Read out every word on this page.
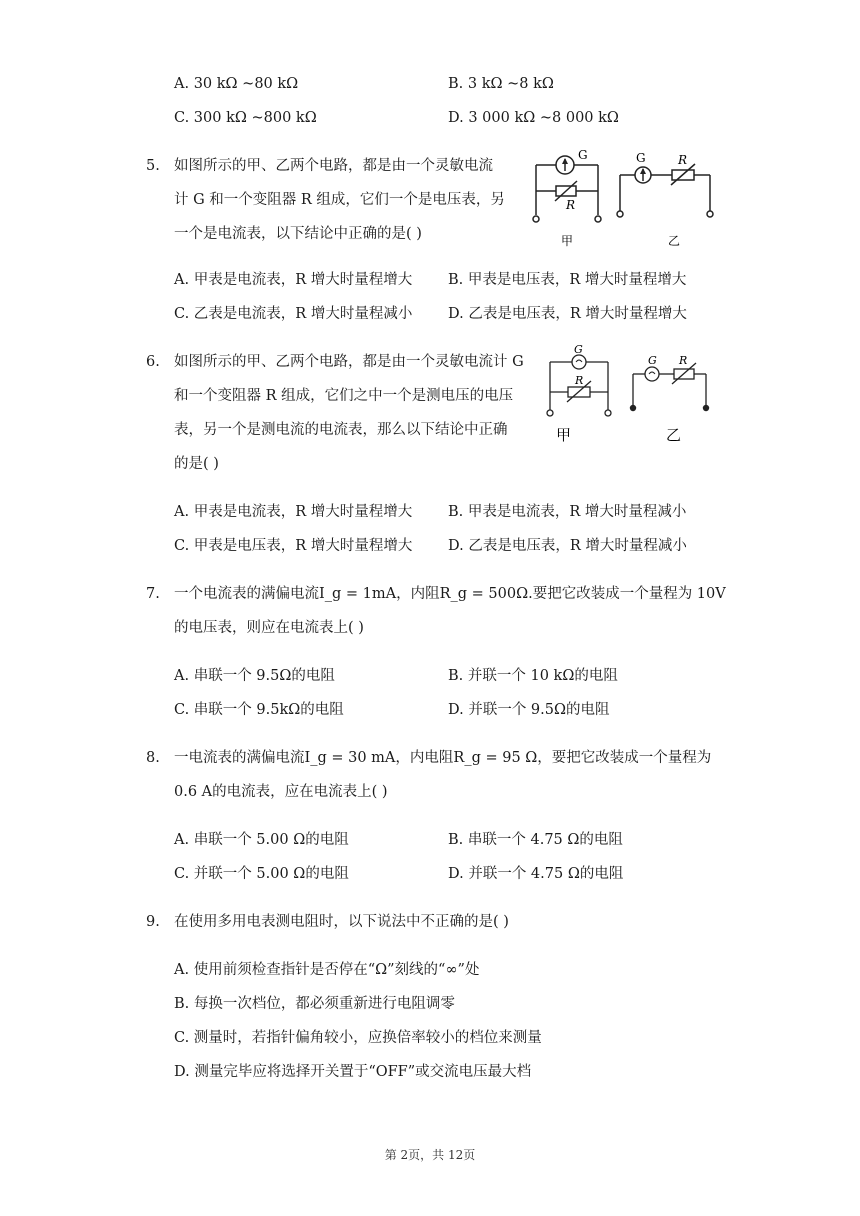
A. 30 kΩ ~80 kΩ	B. 3 kΩ ~8 kΩ
C. 300 kΩ ~800 kΩ	D. 3 000 kΩ ~8 000 kΩ
5. 如图所示的甲、乙两个电路，都是由一个灵敏电流
计 G 和一个变阻器 R 组成，它们一个是电压表，另
一个是电流表，以下结论中正确的是( )
G
R
G	R
甲	乙
A. 甲表是电流表，R 增大时量程增大 B. 甲表是电压表，R 增大时量程增大
C. 乙表是电流表，R 增大时量程减小 D. 乙表是电压表，R 增大时量程增大
6. 如图所示的甲、乙两个电路，都是由一个灵敏电流计 G
和一个变阻器 R 组成，它们之中一个是测电压的电压
表，另一个是测电流的电流表，那么以下结论中正确
的是( )
G
R
G R
甲	乙
A. 甲表是电流表，R 增大时量程增大 B. 甲表是电流表，R 增大时量程减小
C. 甲表是电压表，R 增大时量程增大 D. 乙表是电压表，R 增大时量程减小
7. 一个电流表的满偏电流I_g = 1mA，内阻R_g = 500Ω.要把它改装成一个量程为 10V
的电压表，则应在电流表上( )
A. 串联一个 9.5Ω的电阻	B. 并联一个 10 kΩ的电阻
C. 串联一个 9.5kΩ的电阻	D. 并联一个 9.5Ω的电阻
8. 一电流表的满偏电流I_g = 30 mA，内电阻R_g = 95 Ω，要把它改装成一个量程为
0.6 A的电流表，应在电流表上( )
A. 串联一个 5.00 Ω的电阻	B. 串联一个 4.75 Ω的电阻
C. 并联一个 5.00 Ω的电阻	D. 并联一个 4.75 Ω的电阻
9. 在使用多用电表测电阻时，以下说法中不正确的是( )
A. 使用前须检查指针是否停在“Ω”刻线的“∞”处
B. 每换一次档位，都必须重新进行电阻调零
C. 测量时，若指针偏角较小，应换倍率较小的档位来测量
D. 测量完毕应将选择开关置于“OFF”或交流电压最大档
第 2页，共 12页
